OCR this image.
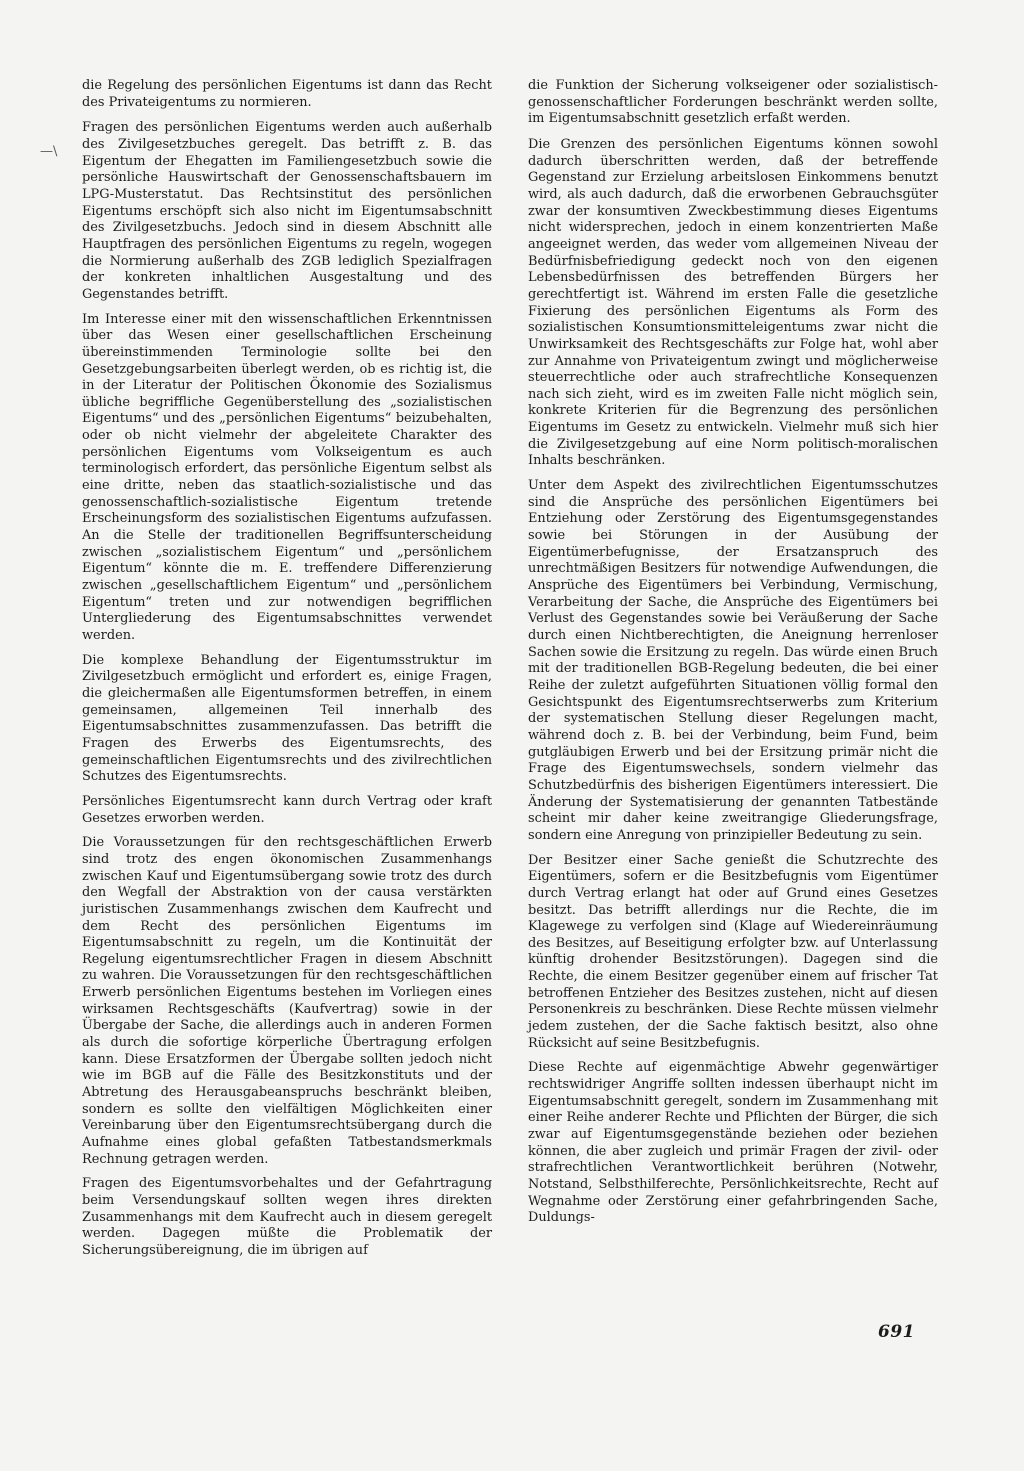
—\

die Regelung des persönlichen Eigentums ist dann das Recht des Privateigentums zu normieren.

Fragen des persönlichen Eigentums werden auch außerhalb des Zivilgesetzbuches geregelt. Das betrifft z. B. das Eigentum der Ehegatten im Familiengesetzbuch sowie die persönliche Hauswirtschaft der Genossenschaftsbauern im LPG-Musterstatut. Das Rechtsinstitut des persönlichen Eigentums erschöpft sich also nicht im Eigentumsabschnitt des Zivilgesetzbuchs. Jedoch sind in diesem Abschnitt alle Hauptfragen des persönlichen Eigentums zu regeln, wogegen die Normierung außerhalb des ZGB lediglich Spezialfragen der konkreten inhaltlichen Ausgestaltung und des Gegenstandes betrifft.

Im Interesse einer mit den wissenschaftlichen Erkenntnissen über das Wesen einer gesellschaftlichen Erscheinung übereinstimmenden Terminologie sollte bei den Gesetzgebungsarbeiten überlegt werden, ob es richtig ist, die in der Literatur der Politischen Ökonomie des Sozialismus übliche begriffliche Gegenüberstellung des „sozialistischen Eigentums“ und des „persönlichen Eigentums“ beizubehalten, oder ob nicht vielmehr der abgeleitete Charakter des persönlichen Eigentums vom Volkseigentum es auch terminologisch erfordert, das persönliche Eigentum selbst als eine dritte, neben das staatlich-sozialistische und das genossenschaftlich-sozialistische Eigentum tretende Erscheinungsform des sozialistischen Eigentums aufzufassen. An die Stelle der traditionellen Begriffsunterscheidung zwischen „sozialistischem Eigentum“ und „persönlichem Eigentum“ könnte die m. E. treffendere Differenzierung zwischen „gesellschaftlichem Eigentum“ und „persönlichem Eigentum“ treten und zur notwendigen begrifflichen Untergliederung des Eigentumsabschnittes verwendet werden.

Die komplexe Behandlung der Eigentumsstruktur im Zivilgesetzbuch ermöglicht und erfordert es, einige Fragen, die gleichermaßen alle Eigentumsformen betreffen, in einem gemeinsamen, allgemeinen Teil innerhalb des Eigentumsabschnittes zusammenzufassen. Das betrifft die Fragen des Erwerbs des Eigentumsrechts, des gemeinschaftlichen Eigentumsrechts und des zivilrechtlichen Schutzes des Eigentumsrechts.

Persönliches Eigentumsrecht kann durch Vertrag oder kraft Gesetzes erworben werden.

Die Voraussetzungen für den rechtsgeschäftlichen Erwerb sind trotz des engen ökonomischen Zusammenhangs zwischen Kauf und Eigentumsübergang sowie trotz des durch den Wegfall der Abstraktion von der causa verstärkten juristischen Zusammenhangs zwischen dem Kaufrecht und dem Recht des persönlichen Eigentums im Eigentumsabschnitt zu regeln, um die Kontinuität der Regelung eigentumsrechtlicher Fragen in diesem Abschnitt zu wahren. Die Voraussetzungen für den rechtsgeschäftlichen Erwerb persönlichen Eigentums bestehen im Vorliegen eines wirksamen Rechtsgeschäfts (Kaufvertrag) sowie in der Übergabe der Sache, die allerdings auch in anderen Formen als durch die sofortige körperliche Übertragung erfolgen kann. Diese Ersatzformen der Übergabe sollten jedoch nicht wie im BGB auf die Fälle des Besitzkonstituts und der Abtretung des Herausgabeanspruchs beschränkt bleiben, sondern es sollte den vielfältigen Möglichkeiten einer Vereinbarung über den Eigentumsrechtsübergang durch die Aufnahme eines global gefaßten Tatbestandsmerkmals Rechnung getragen werden.

Fragen des Eigentumsvorbehaltes und der Gefahrtragung beim Versendungskauf sollten wegen ihres direkten Zusammenhangs mit dem Kaufrecht auch in diesem geregelt werden. Dagegen müßte die Problematik der Sicherungsübereignung, die im übrigen auf

die Funktion der Sicherung volkseigener oder sozialistisch-genossenschaftlicher Forderungen beschränkt werden sollte, im Eigentumsabschnitt gesetzlich erfaßt werden.

Die Grenzen des persönlichen Eigentums können sowohl dadurch überschritten werden, daß der betreffende Gegenstand zur Erzielung arbeitslosen Einkommens benutzt wird, als auch dadurch, daß die erworbenen Gebrauchsgüter zwar der konsumtiven Zweckbestimmung dieses Eigentums nicht widersprechen, jedoch in einem konzentrierten Maße angeeignet werden, das weder vom allgemeinen Niveau der Bedürfnisbefriedigung gedeckt noch von den eigenen Lebensbedürfnissen des betreffenden Bürgers her gerechtfertigt ist. Während im ersten Falle die gesetzliche Fixierung des persönlichen Eigentums als Form des sozialistischen Konsumtionsmitteleigentums zwar nicht die Unwirksamkeit des Rechtsgeschäfts zur Folge hat, wohl aber zur Annahme von Privateigentum zwingt und möglicherweise steuerrechtliche oder auch strafrechtliche Konsequenzen nach sich zieht, wird es im zweiten Falle nicht möglich sein, konkrete Kriterien für die Begrenzung des persönlichen Eigentums im Gesetz zu entwickeln. Vielmehr muß sich hier die Zivilgesetzgebung auf eine Norm politisch-moralischen Inhalts beschränken.

Unter dem Aspekt des zivilrechtlichen Eigentumsschutzes sind die Ansprüche des persönlichen Eigentümers bei Entziehung oder Zerstörung des Eigentumsgegenstandes sowie bei Störungen in der Ausübung der Eigentümerbefugnisse, der Ersatzanspruch des unrechtmäßigen Besitzers für notwendige Aufwendungen, die Ansprüche des Eigentümers bei Verbindung, Vermischung, Verarbeitung der Sache, die Ansprüche des Eigentümers bei Verlust des Gegenstandes sowie bei Veräußerung der Sache durch einen Nichtberechtigten, die Aneignung herrenloser Sachen sowie die Ersitzung zu regeln. Das würde einen Bruch mit der traditionellen BGB-Regelung bedeuten, die bei einer Reihe der zuletzt aufgeführten Situationen völlig formal den Gesichtspunkt des Eigentumsrechtserwerbs zum Kriterium der systematischen Stellung dieser Regelungen macht, während doch z. B. bei der Verbindung, beim Fund, beim gutgläubigen Erwerb und bei der Ersitzung primär nicht die Frage des Eigentumswechsels, sondern vielmehr das Schutzbedürfnis des bisherigen Eigentümers interessiert. Die Änderung der Systematisierung der genannten Tatbestände scheint mir daher keine zweitrangige Gliederungsfrage, sondern eine Anregung von prinzipieller Bedeutung zu sein.

Der Besitzer einer Sache genießt die Schutzrechte des Eigentümers, sofern er die Besitzbefugnis vom Eigentümer durch Vertrag erlangt hat oder auf Grund eines Gesetzes besitzt. Das betrifft allerdings nur die Rechte, die im Klagewege zu verfolgen sind (Klage auf Wiedereinräumung des Besitzes, auf Beseitigung erfolgter bzw. auf Unterlassung künftig drohender Besitzstörungen). Dagegen sind die Rechte, die einem Besitzer gegenüber einem auf frischer Tat betroffenen Entzieher des Besitzes zustehen, nicht auf diesen Personenkreis zu beschränken. Diese Rechte müssen vielmehr jedem zustehen, der die Sache faktisch besitzt, also ohne Rücksicht auf seine Besitzbefugnis.

Diese Rechte auf eigenmächtige Abwehr gegenwärtiger rechtswidriger Angriffe sollten indessen überhaupt nicht im Eigentumsabschnitt geregelt, sondern im Zusammenhang mit einer Reihe anderer Rechte und Pflichten der Bürger, die sich zwar auf Eigentumsgegenstände beziehen oder beziehen können, die aber zugleich und primär Fragen der zivil- oder strafrechtlichen Verantwortlichkeit berühren (Notwehr, Notstand, Selbsthilferechte, Persönlichkeitsrechte, Recht auf Wegnahme oder Zerstörung einer gefahrbringenden Sache, Duldungs-

691
